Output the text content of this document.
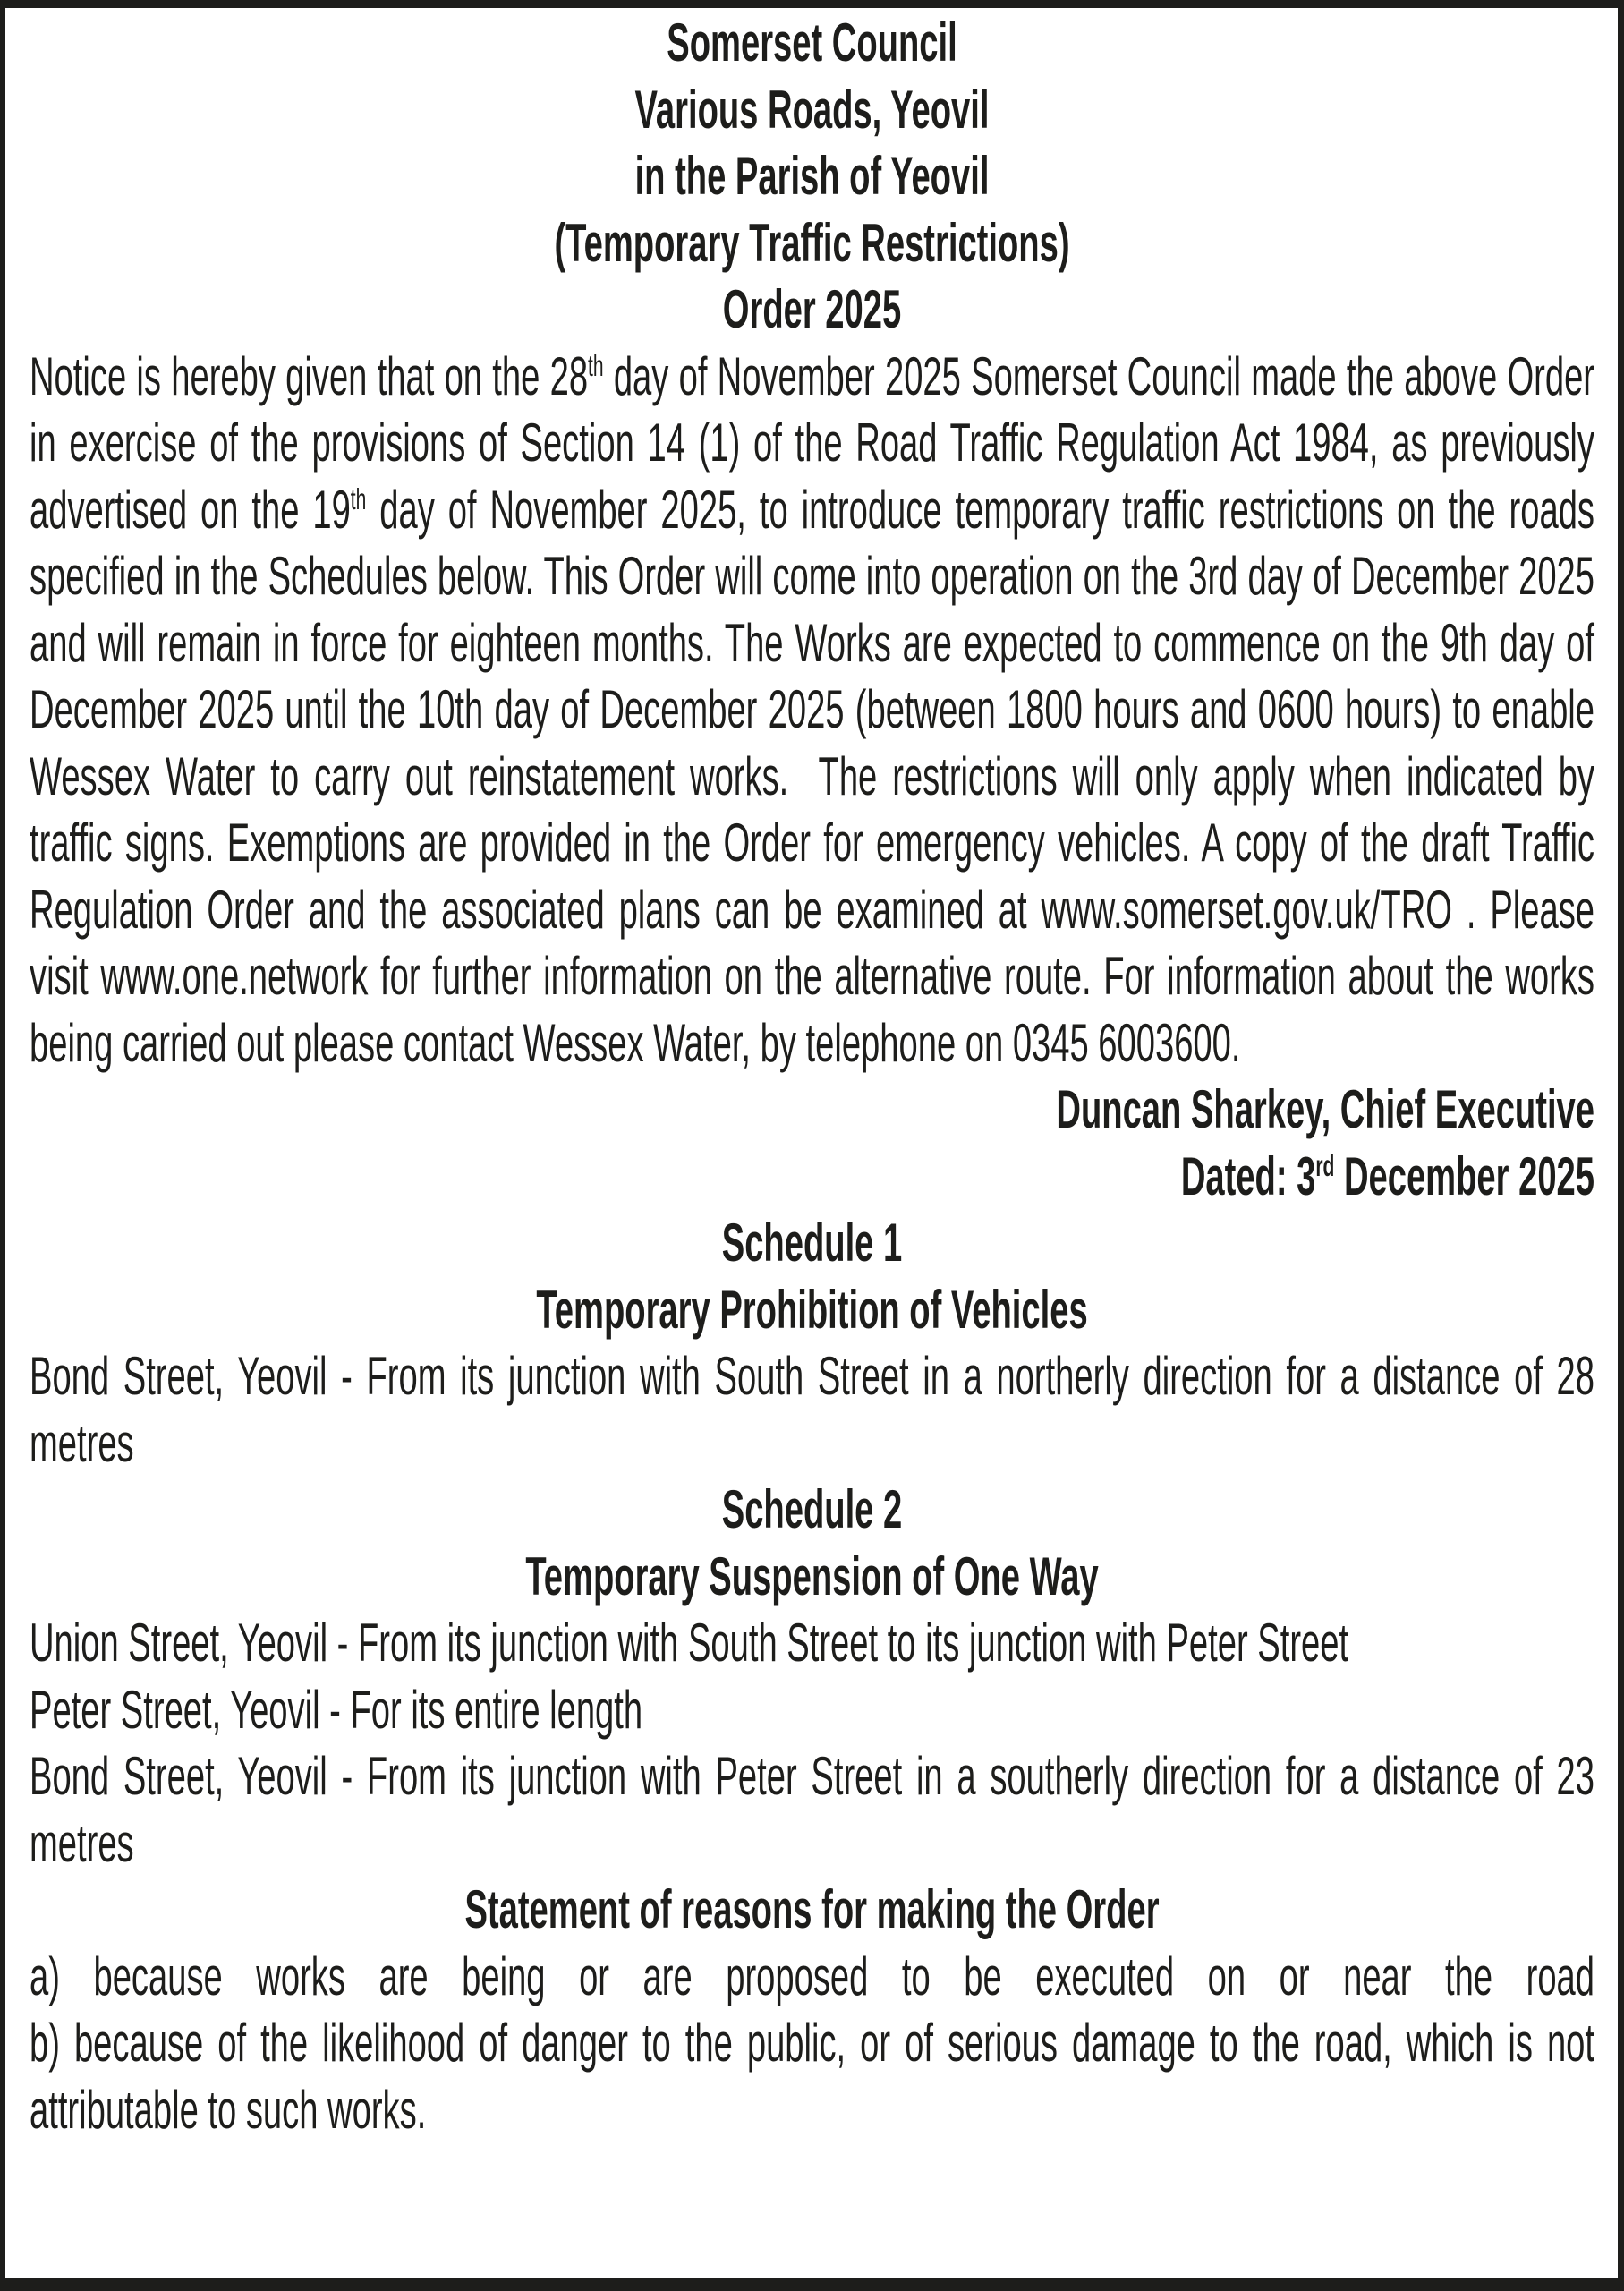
Somerset Council
Various Roads, Yeovil
in the Parish of Yeovil
(Temporary Traffic Restrictions)
Order 2025

Notice is hereby given that on the 28th day of November 2025 Somerset Council made the above Order in exercise of the provisions of Section 14 (1) of the Road Traffic Regulation Act 1984, as previously advertised on the 19th day of November 2025, to introduce temporary traffic restrictions on the roads specified in the Schedules below. This Order will come into operation on the 3rd day of December 2025 and will remain in force for eighteen months. The Works are expected to commence on the 9th day of December 2025 until the 10th day of December 2025 (between 1800 hours and 0600 hours) to enable Wessex Water to carry out reinstatement works.  The restrictions will only apply when indicated by traffic signs. Exemptions are provided in the Order for emergency vehicles. A copy of the draft Traffic Regulation Order and the associated plans can be examined at www.somerset.gov.uk/TRO . Please visit www.one.network for further information on the alternative route. For information about the works being carried out please contact Wessex Water, by telephone on 0345 6003600.

Duncan Sharkey, Chief Executive
Dated: 3rd December 2025
Schedule 1
Temporary Prohibition of Vehicles

Bond Street, Yeovil - From its junction with South Street in a northerly direction for a distance of 28 metres

Schedule 2
Temporary Suspension of One Way

Union Street, Yeovil - From its junction with South Street to its junction with Peter Street

Peter Street, Yeovil - For its entire length

Bond Street, Yeovil - From its junction with Peter Street in a southerly direction for a distance of 23 metres

Statement of reasons for making the Order

a) because works are being or are proposed to be executed on or near the road

b) because of the likelihood of danger to the public, or of serious damage to the road, which is not attributable to such works.
